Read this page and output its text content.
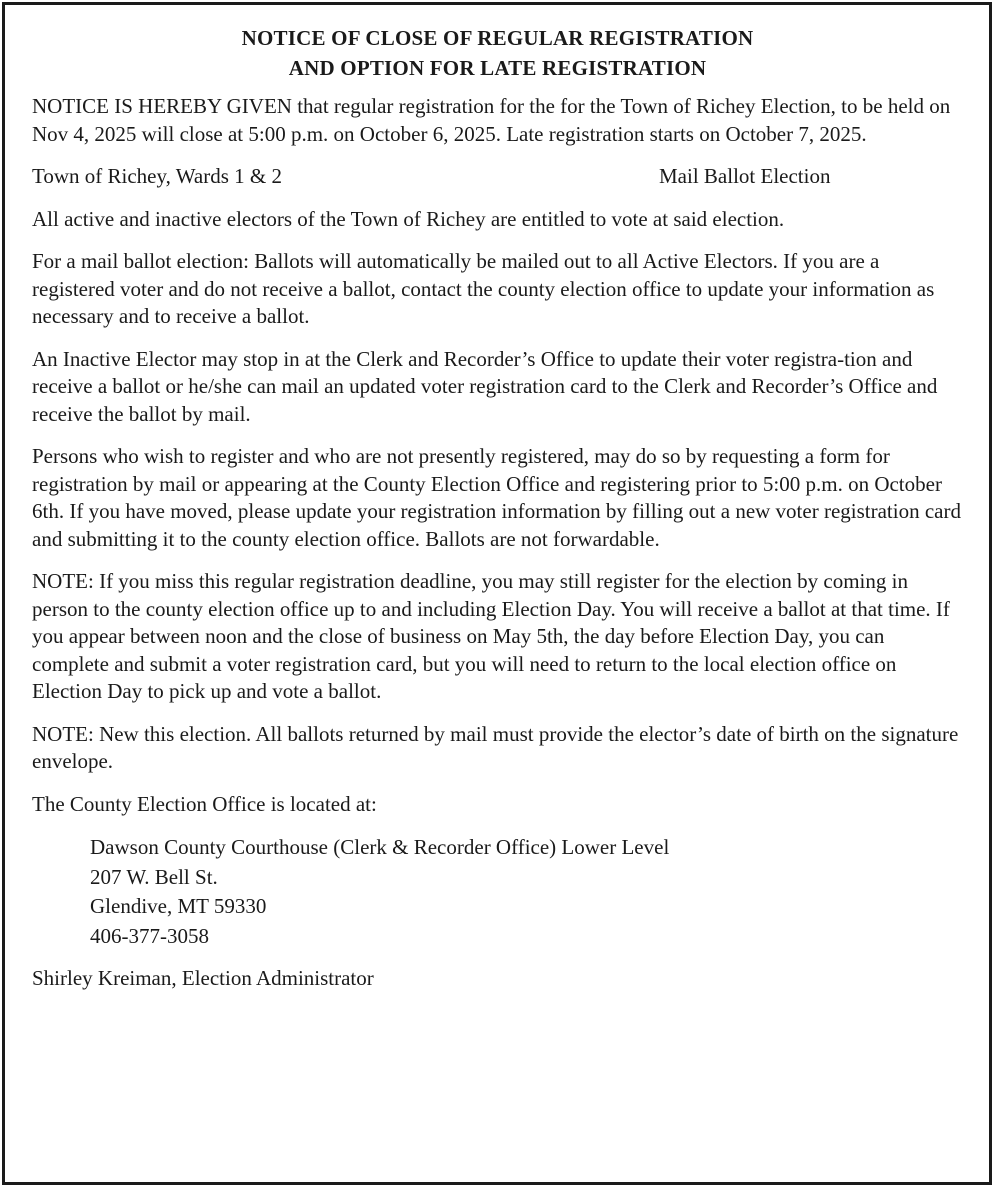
NOTICE OF CLOSE OF REGULAR REGISTRATION
AND OPTION FOR LATE REGISTRATION

NOTICE IS HEREBY GIVEN that regular registration for the for the Town of Richey Election, to be held on Nov 4, 2025 will close at 5:00 p.m. on October 6, 2025. Late registration starts on October 7, 2025.

Town of Richey, Wards 1 & 2	Mail Ballot Election

All active and inactive electors of the Town of Richey are entitled to vote at said election.

For a mail ballot election: Ballots will automatically be mailed out to all Active Electors. If you are a registered voter and do not receive a ballot, contact the county election office to update your information as necessary and to receive a ballot.

An Inactive Elector may stop in at the Clerk and Recorder’s Office to update their voter registra-tion and receive a ballot or he/she can mail an updated voter registration card to the Clerk and Recorder’s Office and receive the ballot by mail.

Persons who wish to register and who are not presently registered, may do so by requesting a form for registration by mail or appearing at the County Election Office and registering prior to 5:00 p.m. on October 6th. If you have moved, please update your registration information by filling out a new voter registration card and submitting it to the county election office. Ballots are not forwardable.

NOTE: If you miss this regular registration deadline, you may still register for the election by coming in person to the county election office up to and including Election Day. You will receive a ballot at that time. If you appear between noon and the close of business on May 5th, the day before Election Day, you can complete and submit a voter registration card, but you will need to return to the local election office on Election Day to pick up and vote a ballot.

NOTE: New this election. All ballots returned by mail must provide the elector’s date of birth on the signature envelope.

The County Election Office is located at:

Dawson County Courthouse (Clerk & Recorder Office) Lower Level
207 W. Bell St.
Glendive, MT 59330
406-377-3058

Shirley Kreiman, Election Administrator
